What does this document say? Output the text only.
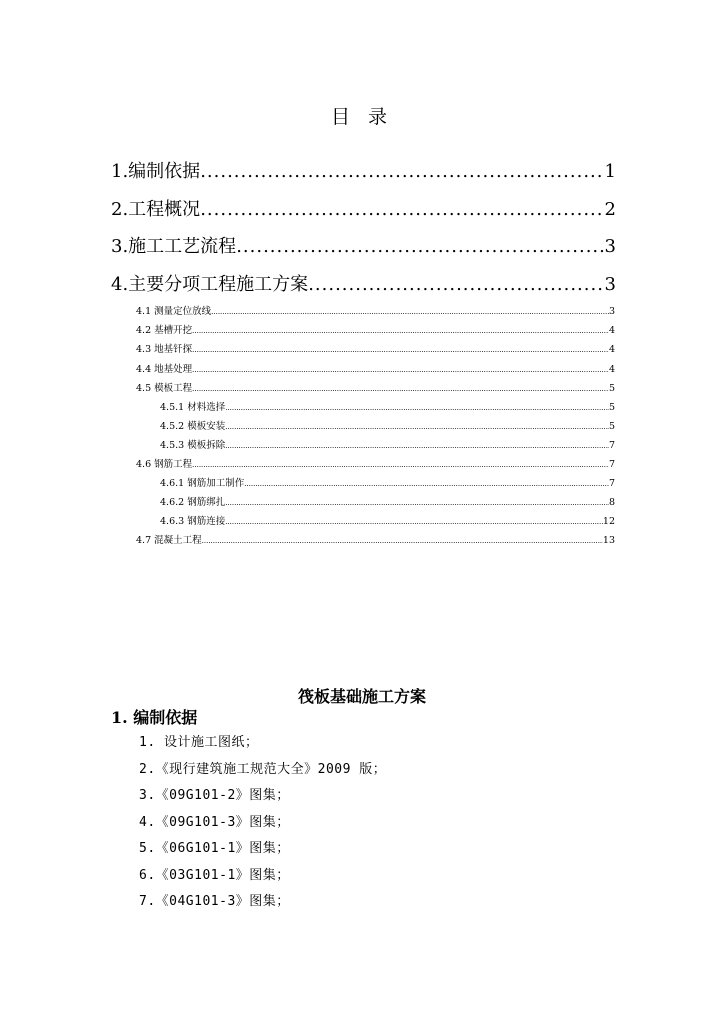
目 录
1.编制依据 .....	1
2.工程概况 .....	2
3.施工工艺流程 .....	3
4.主要分项工程施工方案 .....	3
4.1 测量定位放线 .....	3
4.2 基槽开挖 .....	4
4.3 地基钎探 .....	4
4.4 地基处理 .....	4
4.5 模板工程 .....	5
4.5.1 材料选择 .....	5
4.5.2 模板安装 .....	5
4.5.3 模板拆除 .....	7
4.6 钢筋工程 .....	7
4.6.1 钢筋加工制作 .....	7
4.6.2 钢筋绑扎 .....	8
4.6.3 钢筋连接 .....	12
4.7 混凝土工程 .....	13
筏板基础施工方案
1. 编制依据
1. 设计施工图纸；
2.《现行建筑施工规范大全》2009 版；
3.《09G101-2》图集；
4.《09G101-3》图集；
5.《06G101-1》图集；
6.《03G101-1》图集；
7.《04G101-3》图集；
